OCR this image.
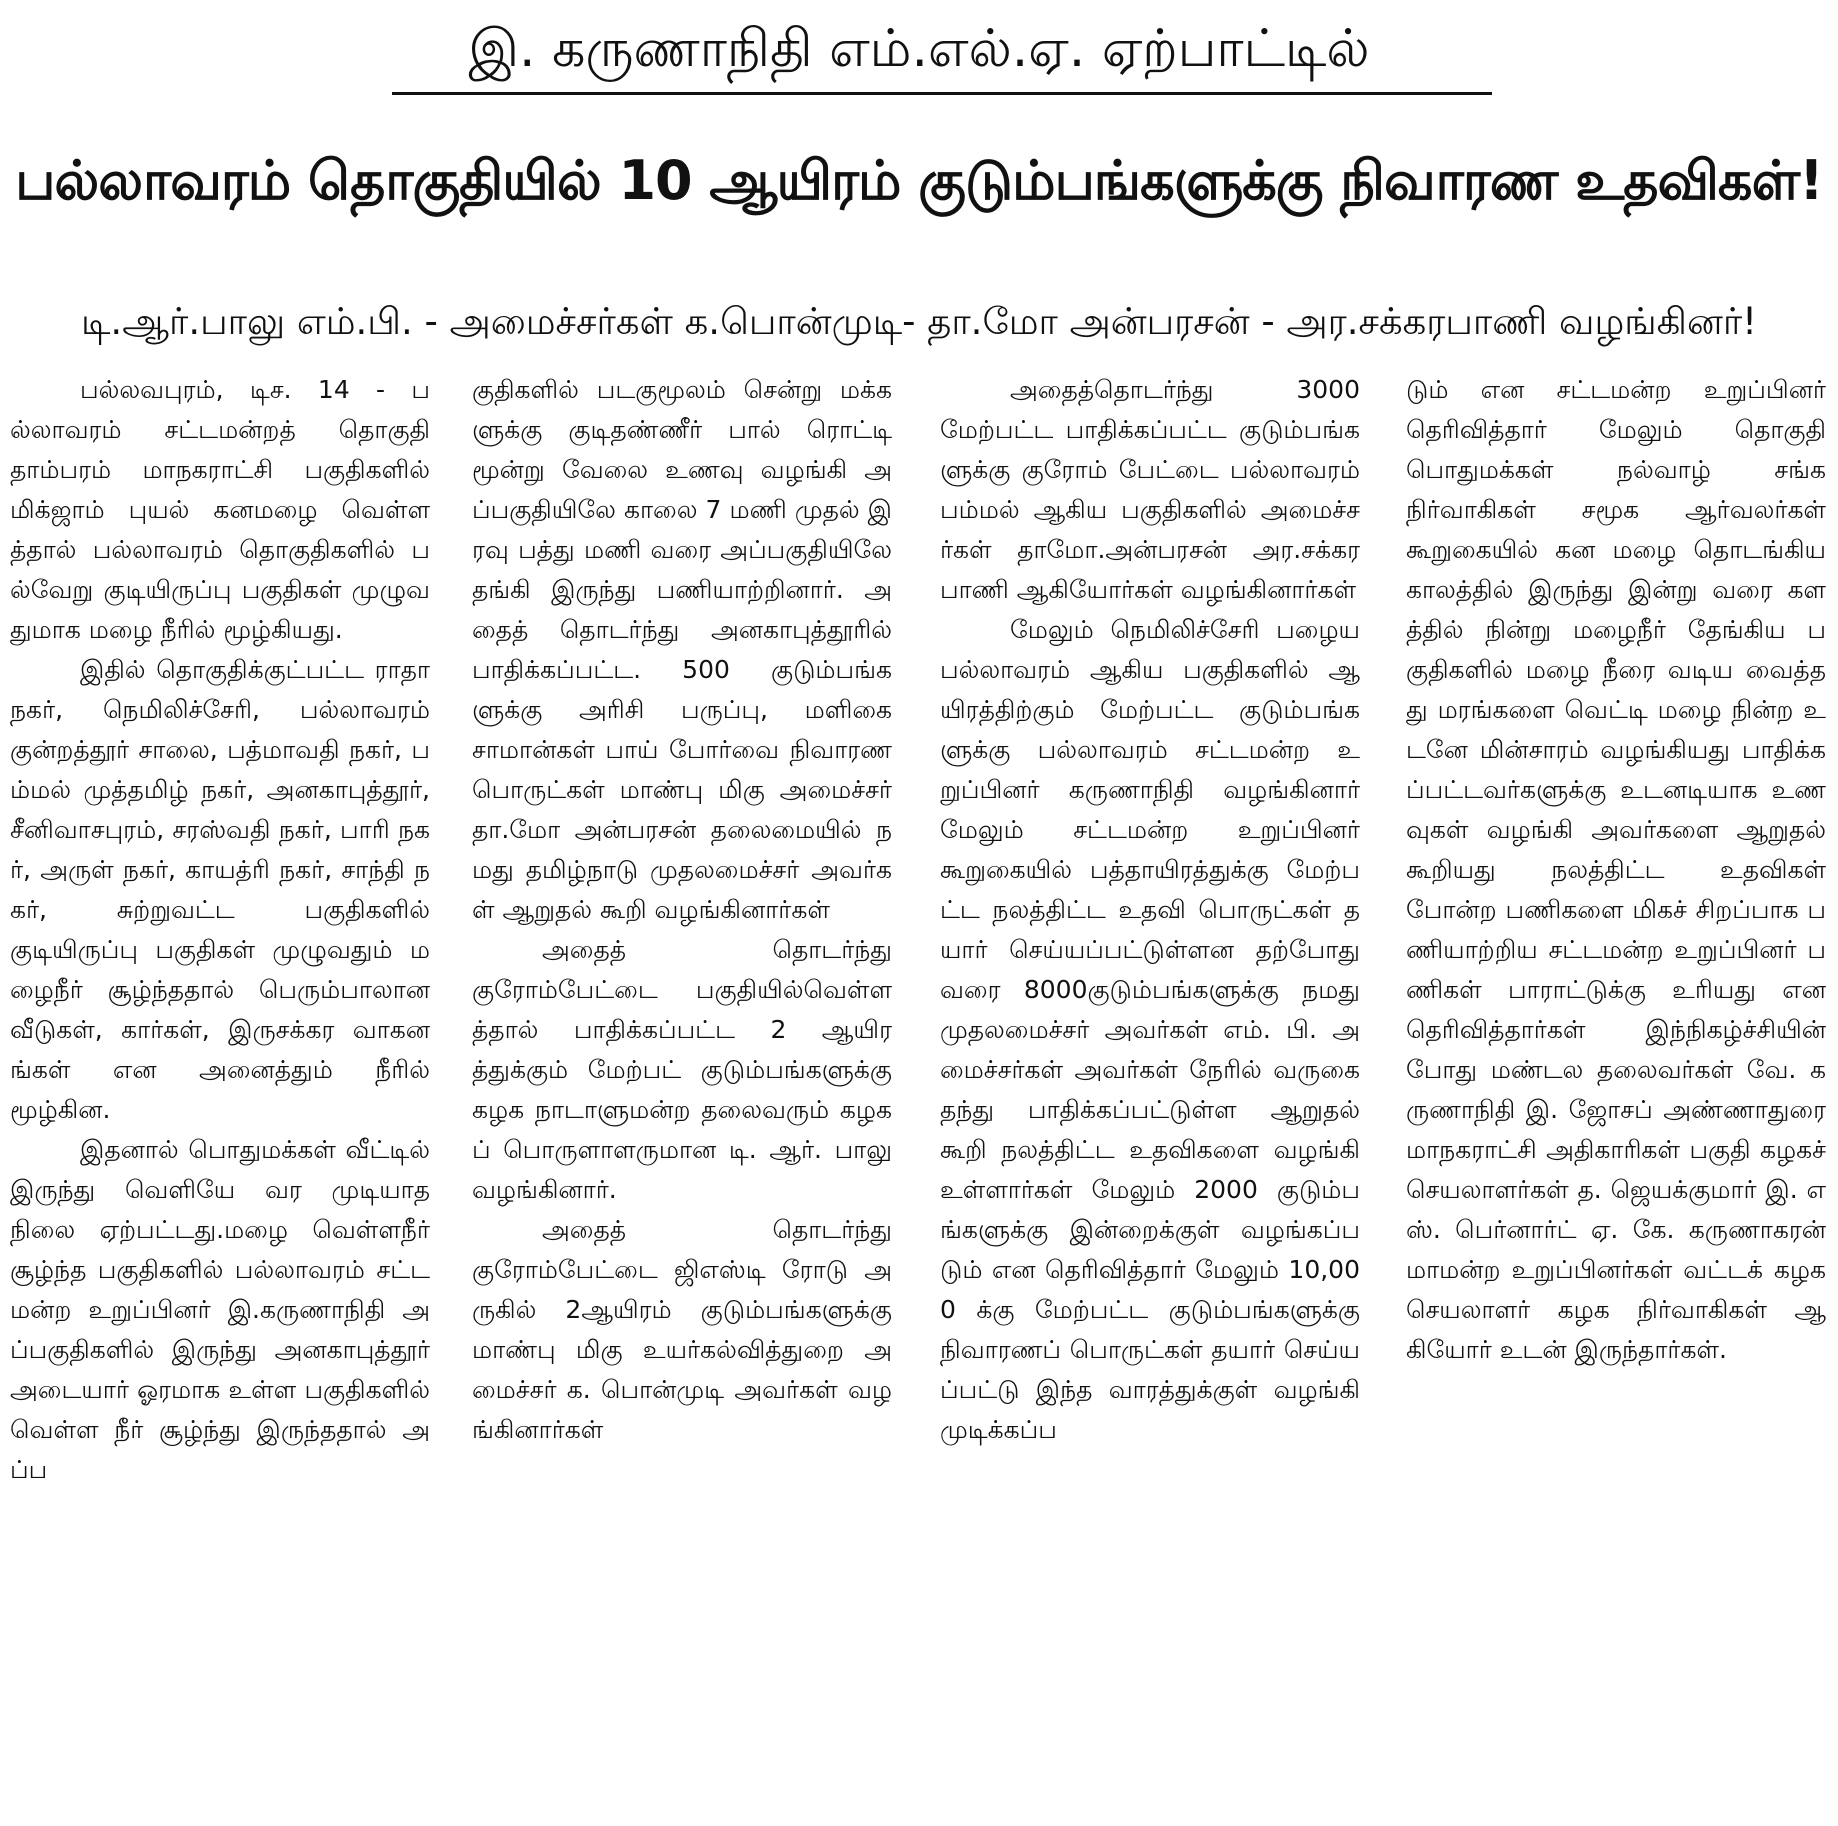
இ. கருணாநிதி எம்.எல்.ஏ. ஏற்பாட்டில்
பல்லாவரம் தொகுதியில் 10 ஆயிரம் குடும்பங்களுக்கு நிவாரண உதவிகள்!
டி.ஆர்.பாலு எம்.பி. - அமைச்சர்கள் க.பொன்முடி- தா.மோ அன்பரசன் - அர.சக்கரபாணி வழங்கினர்!

பல்லவபுரம், டிச. 14 - பல்லாவரம் சட்டமன்றத் தொகுதி தாம்பரம் மாநகராட்சி பகுதிகளில் மிக்ஜாம் புயல் கனமழை வெள்ளத்தால் பல்லாவரம் தொகுதிகளில் பல்வேறு குடியிருப்பு பகுதிகள் முழுவதுமாக மழை நீரில் மூழ்கியது.

இதில் தொகுதிக்குட்பட்ட ராதா நகர், நெமிலிச்சேரி, பல்லாவரம் குன்றத்தூர் சாலை, பத்மாவதி நகர், பம்மல் முத்தமிழ் நகர், அனகாபுத்தூர், சீனிவாசபுரம், சரஸ்வதி நகர், பாரி நகர், அருள் நகர், காயத்ரி நகர், சாந்தி நகர், சுற்றுவட்ட பகுதிகளில் குடியிருப்பு பகுதிகள் முழுவதும் மழைநீர் சூழ்ந்ததால் பெரும்பாலான வீடுகள், கார்கள், இருசக்கர வாகனங்கள் என அனைத்தும் நீரில் மூழ்கின.

இதனால் பொதுமக்கள் வீட்டில் இருந்து வெளியே வர முடியாத நிலை ஏற்பட்டது.மழை வெள்ளநீர் சூழ்ந்த பகுதிகளில் பல்லாவரம் சட்டமன்ற உறுப்பினர் இ.கருணாநிதி அப்பகுதிகளில் இருந்து அனகாபுத்தூர் அடையார் ஓரமாக உள்ள பகுதிகளில் வெள்ள நீர் சூழ்ந்து இருந்ததால் அப்ப

குதிகளில் படகுமூலம் சென்று மக்களுக்கு குடிதண்ணீர் பால் ரொட்டி மூன்று வேலை உணவு வழங்கி அப்பகுதியிலே காலை 7 மணி முதல் இரவு பத்து மணி வரை அப்பகுதியிலே தங்கி இருந்து பணியாற்றினார். அதைத் தொடர்ந்து அனகாபுத்தூரில் பாதிக்கப்பட்ட. 500 குடும்பங்களுக்கு அரிசி பருப்பு, மளிகை சாமான்கள் பாய் போர்வை நிவாரண பொருட்கள் மாண்பு மிகு அமைச்சர் தா.மோ அன்பரசன் தலைமையில் நமது தமிழ்நாடு முதலமைச்சர் அவர்கள் ஆறுதல் கூறி வழங்கினார்கள்

அதைத் தொடர்ந்து குரோம்பேட்டை பகுதியில்வெள்ளத்தால் பாதிக்கப்பட்ட 2 ஆயிரத்துக்கும் மேற்பட் குடும்பங்களுக்கு கழக நாடாளுமன்ற தலைவரும் கழகப் பொருளாளருமான டி. ஆர். பாலு வழங்கினார்.

அதைத் தொடர்ந்து குரோம்பேட்டை ஜிஎஸ்டி ரோடு அருகில் 2ஆயிரம் குடும்பங்களுக்கு மாண்பு மிகு உயர்கல்வித்துறை அமைச்சர் க. பொன்முடி அவர்கள் வழங்கினார்கள்

அதைத்தொடர்ந்து 3000 மேற்பட்ட பாதிக்கப்பட்ட குடும்பங்களுக்கு குரோம் பேட்டை பல்லாவரம் பம்மல் ஆகிய பகுதிகளில் அமைச்சர்கள் தாமோ.அன்பரசன் அர.சக்கரபாணி ஆகியோர்கள் வழங்கினார்கள்

மேலும் நெமிலிச்சேரி பழைய பல்லாவரம் ஆகிய பகுதிகளில் ஆயிரத்திற்கும் மேற்பட்ட குடும்பங்களுக்கு பல்லாவரம் சட்டமன்ற உறுப்பினர் கருணாநிதி வழங்கினார் மேலும் சட்டமன்ற உறுப்பினர் கூறுகையில் பத்தாயிரத்துக்கு மேற்பட்ட நலத்திட்ட உதவி பொருட்கள் தயார் செய்யப்பட்டுள்ளன தற்போது வரை 8000குடும்பங்களுக்கு நமது முதலமைச்சர் அவர்கள் எம். பி. அமைச்சர்கள் அவர்கள் நேரில் வருகை தந்து பாதிக்கப்பட்டுள்ள ஆறுதல் கூறி நலத்திட்ட உதவிகளை வழங்கி உள்ளார்கள் மேலும் 2000 குடும்பங்களுக்கு இன்றைக்குள் வழங்கப்படும் என தெரிவித்தார் மேலும் 10,000 க்கு மேற்பட்ட குடும்பங்களுக்கு நிவாரணப் பொருட்கள் தயார் செய்யப்பட்டு இந்த வாரத்துக்குள் வழங்கி முடிக்கப்ப

டும் என சட்டமன்ற உறுப்பினர் தெரிவித்தார் மேலும் தொகுதி பொதுமக்கள் நல்வாழ் சங்க நிர்வாகிகள் சமூக ஆர்வலர்கள் கூறுகையில் கன மழை தொடங்கிய காலத்தில் இருந்து இன்று வரை களத்தில் நின்று மழைநீர் தேங்கிய பகுதிகளில் மழை நீரை வடிய வைத்தது மரங்களை வெட்டி மழை நின்ற உடனே மின்சாரம் வழங்கியது பாதிக்கப்பட்டவர்களுக்கு உடனடியாக உணவுகள் வழங்கி அவர்களை ஆறுதல் கூறியது நலத்திட்ட உதவிகள் போன்ற பணிகளை மிகச் சிறப்பாக பணியாற்றிய சட்டமன்ற உறுப்பினர் பணிகள் பாராட்டுக்கு உரியது என தெரிவித்தார்கள் இந்நிகழ்ச்சியின் போது மண்டல தலைவர்கள் வே. கருணாநிதி இ. ஜோசப் அண்ணாதுரை மாநகராட்சி அதிகாரிகள் பகுதி கழகச் செயலாளர்கள் த. ஜெயக்குமார் இ. எஸ். பெர்னார்ட் ஏ. கே. கருணாகரன் மாமன்ற உறுப்பினர்கள் வட்டக் கழக செயலாளர் கழக நிர்வாகிகள் ஆகியோர் உடன் இருந்தார்கள்.
